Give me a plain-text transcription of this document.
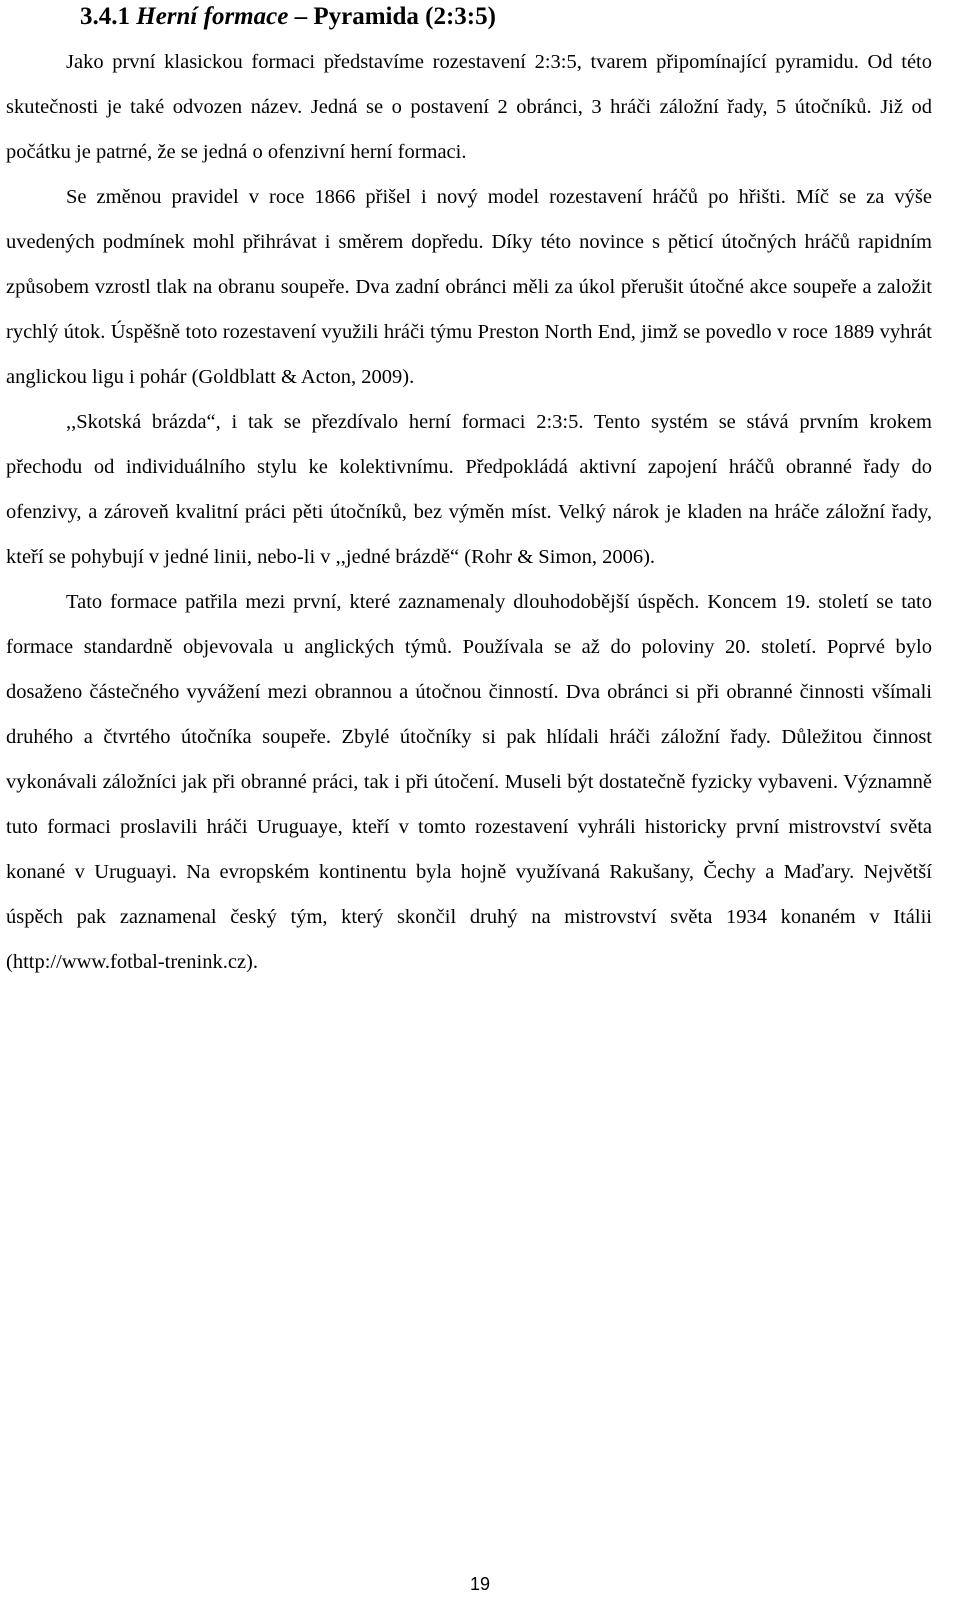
3.4.1 Herní formace – Pyramida (2:3:5)

Jako první klasickou formaci představíme rozestavení 2:3:5, tvarem připomínající pyramidu. Od této skutečnosti je také odvozen název. Jedná se o postavení 2 obránci, 3 hráči záložní řady, 5 útočníků. Již od počátku je patrné, že se jedná o ofenzivní herní formaci.

Se změnou pravidel v roce 1866 přišel i nový model rozestavení hráčů po hřišti. Míč se za výše uvedených podmínek mohl přihrávat i směrem dopředu. Díky této novince s pěticí útočných hráčů rapidním způsobem vzrostl tlak na obranu soupeře. Dva zadní obránci měli za úkol přerušit útočné akce soupeře a založit rychlý útok. Úspěšně toto rozestavení využili hráči týmu Preston North End, jimž se povedlo v roce 1889 vyhrát anglickou ligu i pohár (Goldblatt & Acton, 2009).

,,Skotská brázda“, i tak se přezdívalo herní formaci 2:3:5. Tento systém se stává prvním krokem přechodu od individuálního stylu ke kolektivnímu. Předpokládá aktivní zapojení hráčů obranné řady do ofenzivy, a zároveň kvalitní práci pěti útočníků, bez výměn míst. Velký nárok je kladen na hráče záložní řady, kteří se pohybují v jedné linii, nebo-li v ,,jedné brázdě“ (Rohr & Simon, 2006).

Tato formace patřila mezi první, které zaznamenaly dlouhodobější úspěch. Koncem 19. století se tato formace standardně objevovala u anglických týmů. Používala se až do poloviny 20. století. Poprvé bylo dosaženo částečného vyvážení mezi obrannou a útočnou činností. Dva obránci si při obranné činnosti všímali druhého a čtvrtého útočníka soupeře. Zbylé útočníky si pak hlídali hráči záložní řady. Důležitou činnost vykonávali záložníci jak při obranné práci, tak i při útočení. Museli být dostatečně fyzicky vybaveni. Významně tuto formaci proslavili hráči Uruguaye, kteří v tomto rozestavení vyhráli historicky první mistrovství světa konané v Uruguayi. Na evropském kontinentu byla hojně využívaná Rakušany, Čechy a Maďary. Největší úspěch pak zaznamenal český tým, který skončil druhý na mistrovství světa 1934 konaném v Itálii (http://www.fotbal-trenink.cz).

19
